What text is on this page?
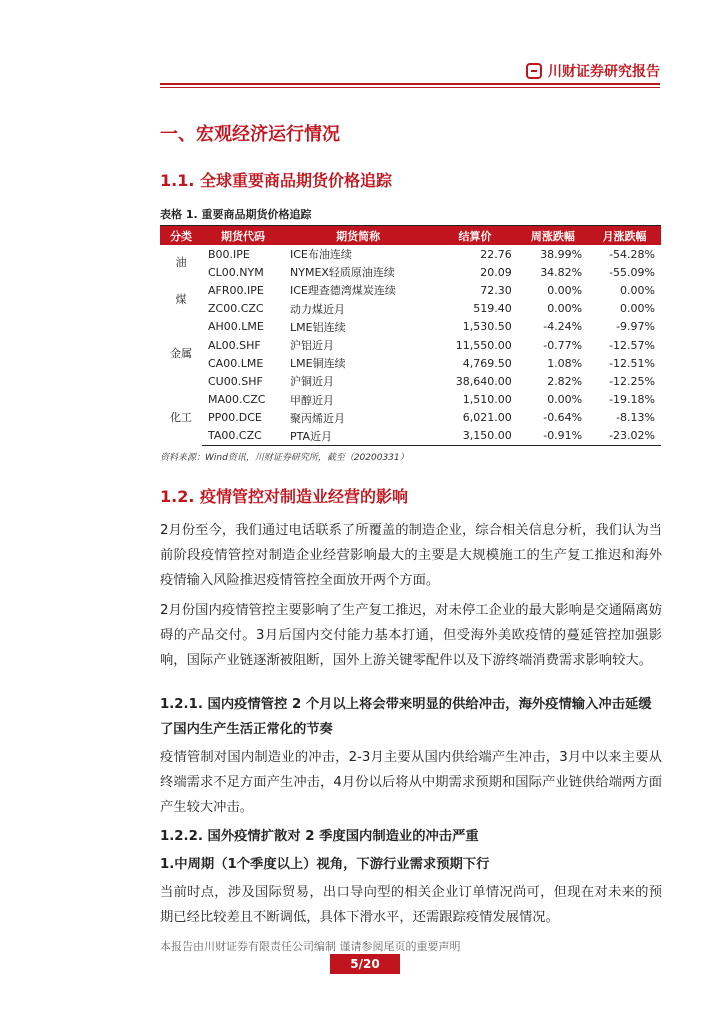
川财证券研究报告
一、宏观经济运行情况
1.1. 全球重要商品期货价格追踪
表格 1. 重要商品期货价格追踪
分类	期货代码	期货简称	结算价	周涨跌幅	月涨跌幅
油	B00.IPE	ICE布油连续	22.76	38.99%	-54.28%
	CL00.NYM	NYMEX轻质原油连续	20.09	34.82%	-55.09%
煤	AFR00.IPE	ICE理查德湾煤炭连续	72.30	0.00%	0.00%
	ZC00.CZC	动力煤近月	519.40	0.00%	0.00%
金属	AH00.LME	LME铝连续	1,530.50	-4.24%	-9.97%
	AL00.SHF	沪铝近月	11,550.00	-0.77%	-12.57%
	CA00.LME	LME铜连续	4,769.50	1.08%	-12.51%
	CU00.SHF	沪铜近月	38,640.00	2.82%	-12.25%
化工	MA00.CZC	甲醇近月	1,510.00	0.00%	-19.18%
	PP00.DCE	聚丙烯近月	6,021.00	-0.64%	-8.13%
	TA00.CZC	PTA近月	3,150.00	-0.91%	-23.02%
资料来源：Wind资讯，川财证券研究所，截至（20200331）
1.2. 疫情管控对制造业经营的影响

2月份至今，我们通过电话联系了所覆盖的制造企业，综合相关信息分析，我们认为当前阶段疫情管控对制造企业经营影响最大的主要是大规模施工的生产复工推迟和海外疫情输入风险推迟疫情管控全面放开两个方面。

2月份国内疫情管控主要影响了生产复工推迟，对未停工企业的最大影响是交通隔离妨碍的产品交付。3月后国内交付能力基本打通，但受海外美欧疫情的蔓延管控加强影响，国际产业链逐渐被阻断，国外上游关键零配件以及下游终端消费需求影响较大。

1.2.1. 国内疫情管控 2 个月以上将会带来明显的供给冲击，海外疫情输入冲击延缓了国内生产生活正常化的节奏

疫情管制对国内制造业的冲击，2-3月主要从国内供给端产生冲击，3月中以来主要从终端需求不足方面产生冲击，4月份以后将从中期需求预期和国际产业链供给端两方面产生较大冲击。

1.2.2. 国外疫情扩散对 2 季度国内制造业的冲击严重

1.中周期（1个季度以上）视角，下游行业需求预期下行

当前时点，涉及国际贸易，出口导向型的相关企业订单情况尚可，但现在对未来的预期已经比较差且不断调低，具体下滑水平，还需跟踪疫情发展情况。

本报告由川财证券有限责任公司编制 谨请参阅尾页的重要声明
5/20
